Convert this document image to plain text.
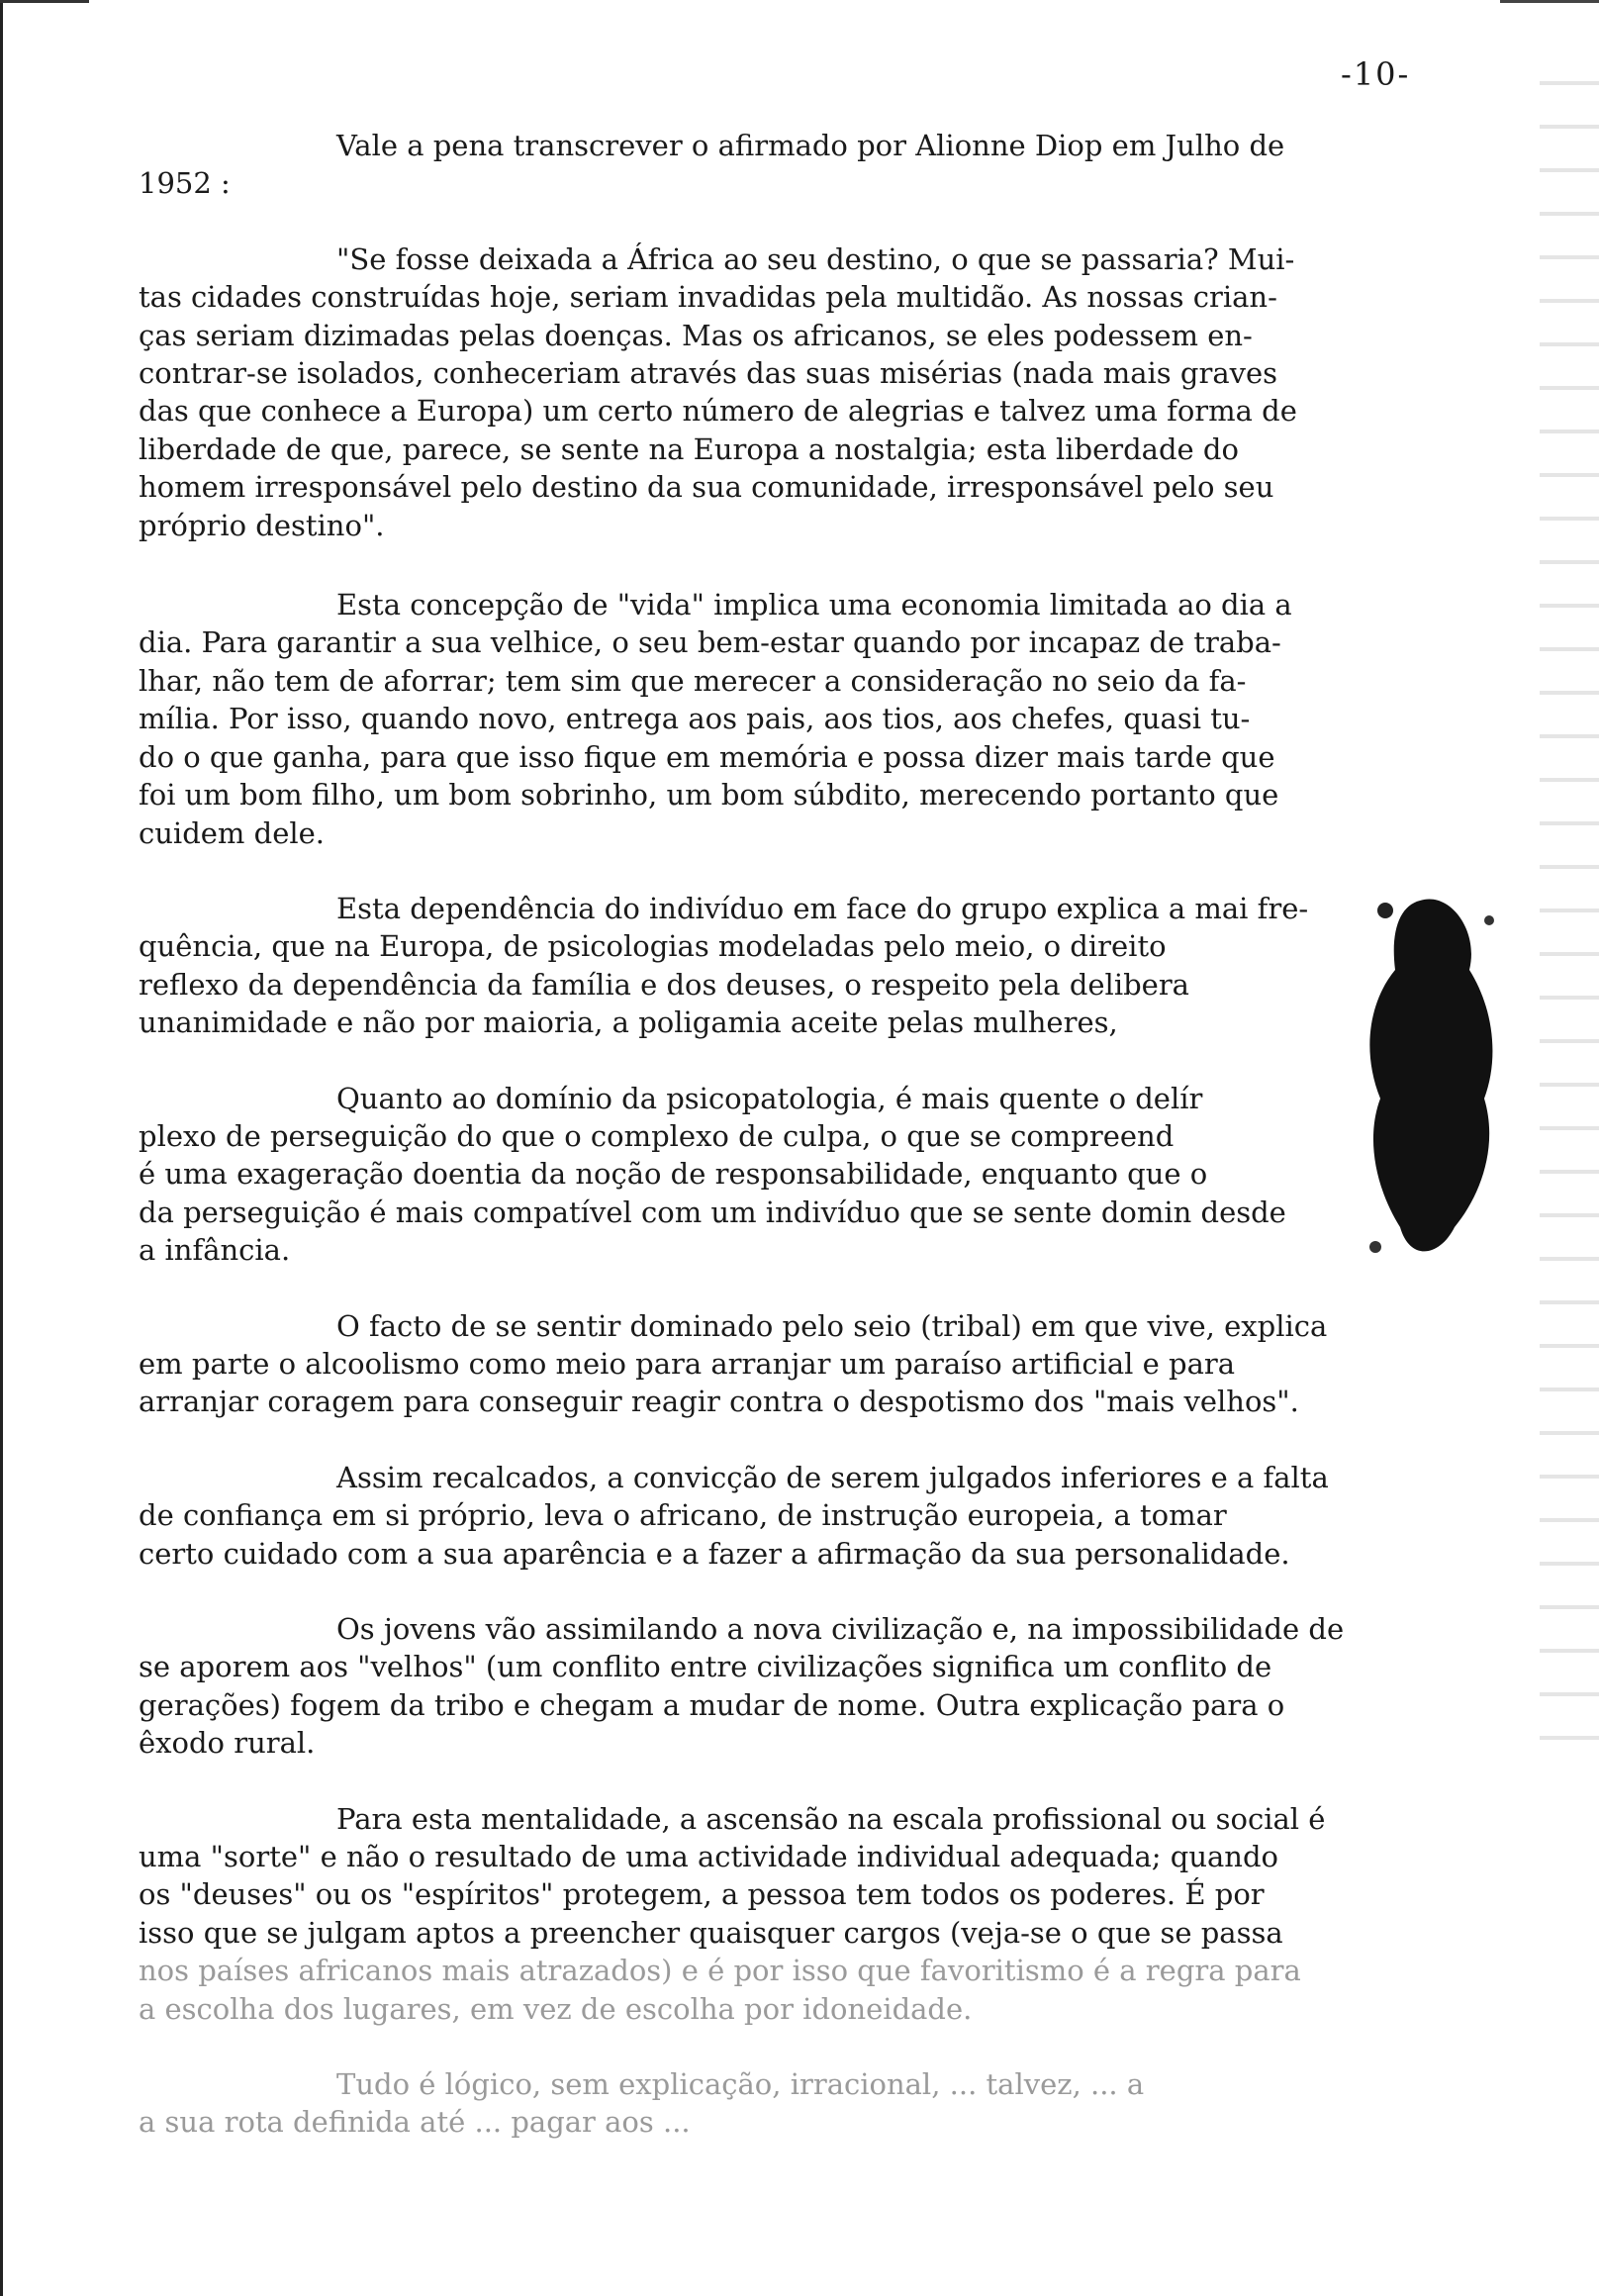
-10-

Vale a pena transcrever o afirmado por Alionne Diop em Julho de
1952 :

"Se fosse deixada a África ao seu destino, o que se passaria? Mui-
tas cidades construídas hoje, seriam invadidas pela multidão. As nossas crian-
ças seriam dizimadas pelas doenças. Mas os africanos, se eles podessem en-
contrar-se isolados, conheceriam através das suas misérias (nada mais graves
das que conhece a Europa) um certo número de alegrias e talvez uma forma de
liberdade de que, parece, se sente na Europa a nostalgia; esta liberdade do
homem irresponsável pelo destino da sua comunidade, irresponsável pelo seu
próprio destino".

Esta concepção de "vida" implica uma economia limitada ao dia a
dia. Para garantir a sua velhice, o seu bem-estar quando por incapaz de traba-
lhar, não tem de aforrar; tem sim que merecer a consideração no seio da fa-
mília. Por isso, quando novo, entrega aos pais, aos tios, aos chefes, quasi tu-
do o que ganha, para que isso fique em memória e possa dizer mais tarde que
foi um bom filho, um bom sobrinho, um bom súbdito, merecendo portanto que
cuidem dele.

Esta dependência do indivíduo em face do grupo explica a mai fre-
quência, que na Europa, de psicologias modeladas pelo meio, o direito
reflexo da dependência da família e dos deuses, o respeito pela delibera
unanimidade e não por maioria, a poligamia aceite pelas mulheres,

Quanto ao domínio da psicopatologia, é mais quente o delír
plexo de perseguição do que o complexo de culpa, o que se compreend
é uma exageração doentia da noção de responsabilidade, enquanto que o
da perseguição é mais compatível com um indivíduo que se sente domin desde
a infância.

O facto de se sentir dominado pelo seio (tribal) em que vive, explica
em parte o alcoolismo como meio para arranjar um paraíso artificial e para
arranjar coragem para conseguir reagir contra o despotismo dos "mais velhos".

Assim recalcados, a convicção de serem julgados inferiores e a falta
de confiança em si próprio, leva o africano, de instrução europeia, a tomar
certo cuidado com a sua aparência e a fazer a afirmação da sua personalidade.

Os jovens vão assimilando a nova civilização e, na impossibilidade de
se aporem aos "velhos" (um conflito entre civilizações significa um conflito de
gerações) fogem da tribo e chegam a mudar de nome. Outra explicação para o
êxodo rural.

Para esta mentalidade, a ascensão na escala profissional ou social é
uma "sorte" e não o resultado de uma actividade individual adequada; quando
os "deuses" ou os "espíritos" protegem, a pessoa tem todos os poderes. É por
isso que se julgam aptos a preencher quaisquer cargos (veja-se o que se passa
nos países africanos mais atrazados) e é por isso que favoritismo é a regra para
a escolha dos lugares, em vez de escolha por idoneidade.

Tudo é lógico, sem explicação, irracional, ... talvez, ... a
a sua rota definida até ... pagar aos ...
